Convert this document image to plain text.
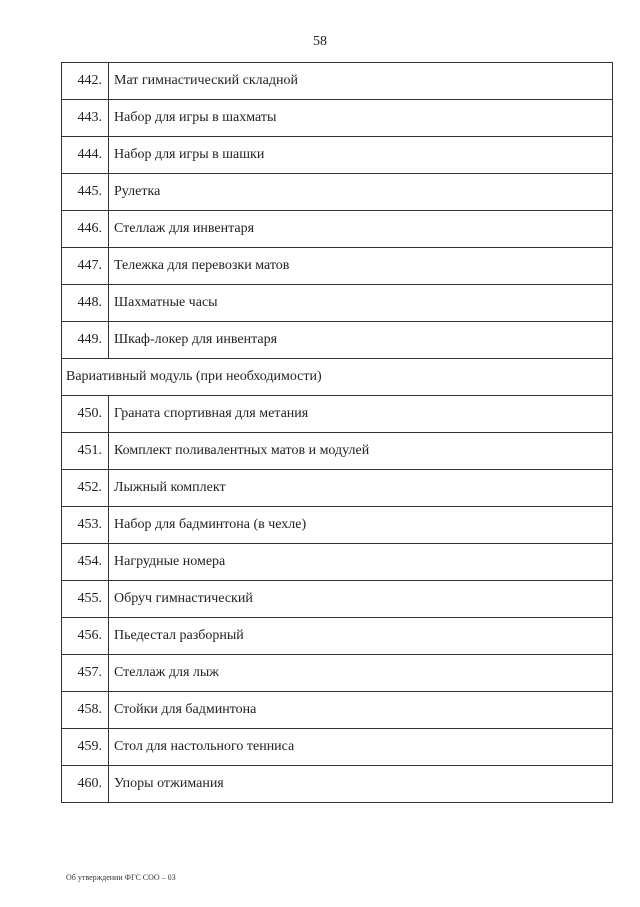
58
442.	Мат гимнастический складной
443.	Набор для игры в шахматы
444.	Набор для игры в шашки
445.	Рулетка
446.	Стеллаж для инвентаря
447.	Тележка для перевозки матов
448.	Шахматные часы
449.	Шкаф-локер для инвентаря
Вариативный модуль (при необходимости)	
450.	Граната спортивная для метания
451.	Комплект поливалентных матов и модулей
452.	Лыжный комплект
453.	Набор для бадминтона (в чехле)
454.	Нагрудные номера
455.	Обруч гимнастический
456.	Пьедестал разборный
457.	Стеллаж для лыж
458.	Стойки для бадминтона
459.	Стол для настольного тенниса
460.	Упоры отжимания
Об утверждении ФГС СОО – 03
